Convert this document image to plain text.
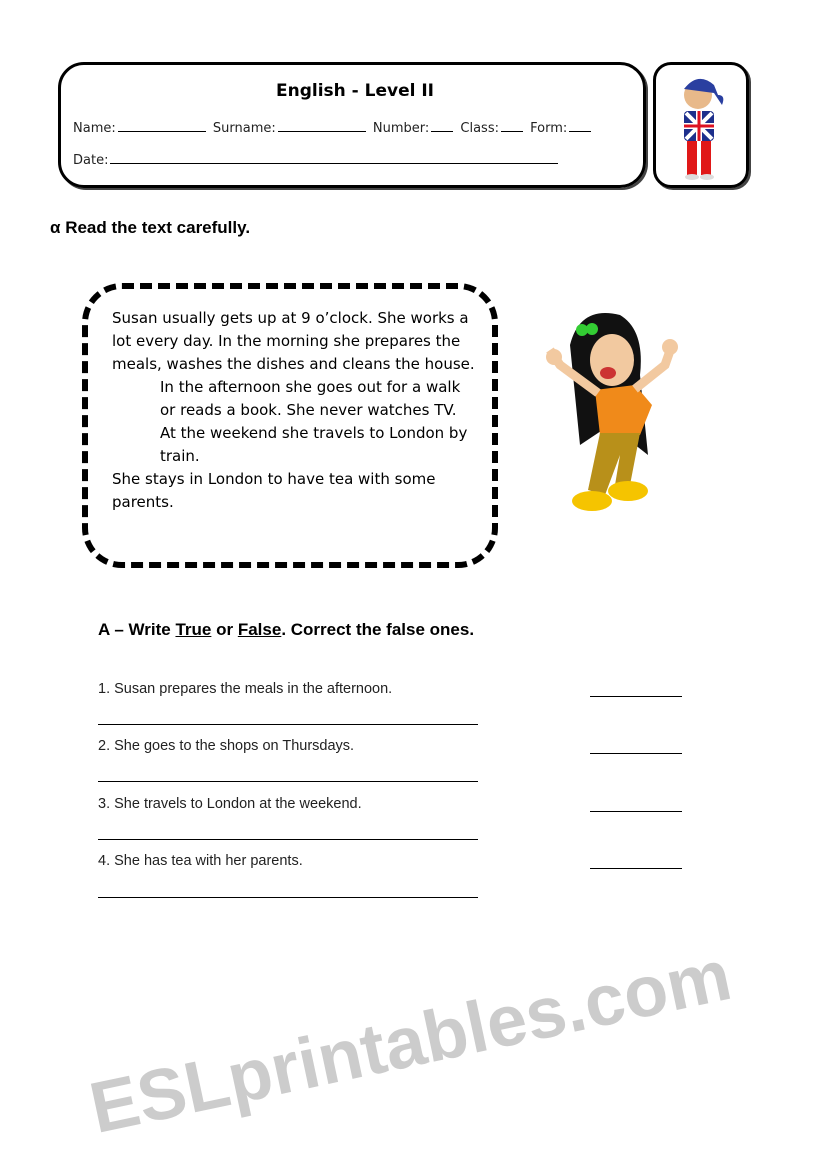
English - Level II
Name:	Surname:	Number: Class: Form:
Date:
α Read the text carefully.
Susan usually gets up at 9 o’clock. She works a lot every day. In the morning she prepares the meals, washes the dishes and cleans the house.
In the afternoon she goes out for a walk or reads a book. She never watches TV.
At the weekend she travels to London by train.
She stays in London to have tea with some parents.
A – Write True or False. Correct the false ones.
1. Susan prepares the meals in the afternoon.
2. She goes to the shops on Thursdays.
3. She travels to London at the weekend.
4. She has tea with her parents.
ESLprintables.com
